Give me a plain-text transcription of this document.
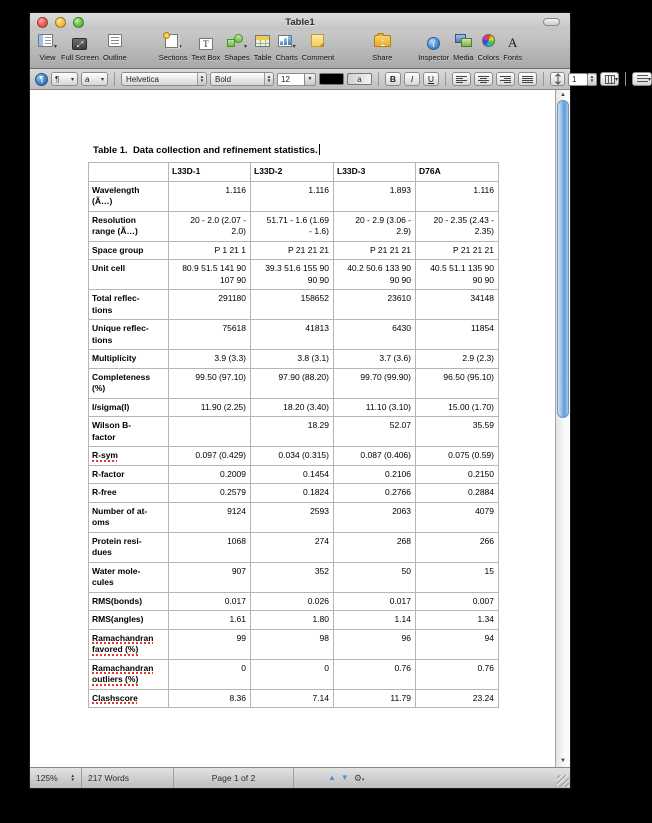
Table1
▾
View
⤢
Full Screen Outline
▾
Sections
T
Text Box
▾
Shapes Table
▾
Charts Comment
↑
Share
i
Inspector Media Colors
A
Fonts
¶	¶ ▾ a ▾	Helvetica	▲
▼ Bold	▲
▼	12	▼	a	B I U	1	▲
▼	▾	▾
Table 1.  Data collection and refinement statistics.
	L33D-1	L33D-2	L33D-3	D76A
Wavelength
(Ã…)	1.116	1.116	1.893	1.116
Resolution
range (Ã…)	20 - 2.0 (2.07 -
2.0)	51.71 - 1.6 (1.69
- 1.6)	20 - 2.9 (3.06 -
2.9)	20 - 2.35 (2.43 -
2.35)
Space group	P 1 21 1	P 21 21 21	P 21 21 21	P 21 21 21
Unit cell	80.9 51.5 141 90
107 90	39.3 51.6 155 90
90 90	40.2 50.6 133 90
90 90	40.5 51.1 135 90
90 90
Total reflec-
tions	291180	158652	23610	34148
Unique reflec-
tions	75618	41813	6430	11854
Multiplicity	3.9 (3.3)	3.8 (3.1)	3.7 (3.6)	2.9 (2.3)
Completeness
(%)	99.50 (97.10)	97.90 (88.20)	99.70 (99.90)	96.50 (95.10)
I/sigma(I)	11.90 (2.25)	18.20 (3.40)	11.10 (3.10)	15.00 (1.70)
Wilson B-
factor		18.29	52.07	35.59
R-sym	0.097 (0.429)	0.034 (0.315)	0.087 (0.406)	0.075 (0.59)
R-factor	0.2009	0.1454	0.2106	0.2150
R-free	0.2579	0.1824	0.2766	0.2884
Number of at-
oms	9124	2593	2063	4079
Protein resi-
dues	1068	274	268	266
Water mole-
cules	907	352	50	15
RMS(bonds)	0.017	0.026	0.017	0.007
RMS(angles)	1.61	1.80	1.14	1.34
Ramachandran
favored (%)	99	98	96	94
Ramachandran
outliers (%)	0	0	0.76	0.76
Clashscore	8.36	7.14	11.79	23.24
▲
▼
125%	▲
▼ 217 Words	Page 1 of 2	▲ ▼ ⚙▾
